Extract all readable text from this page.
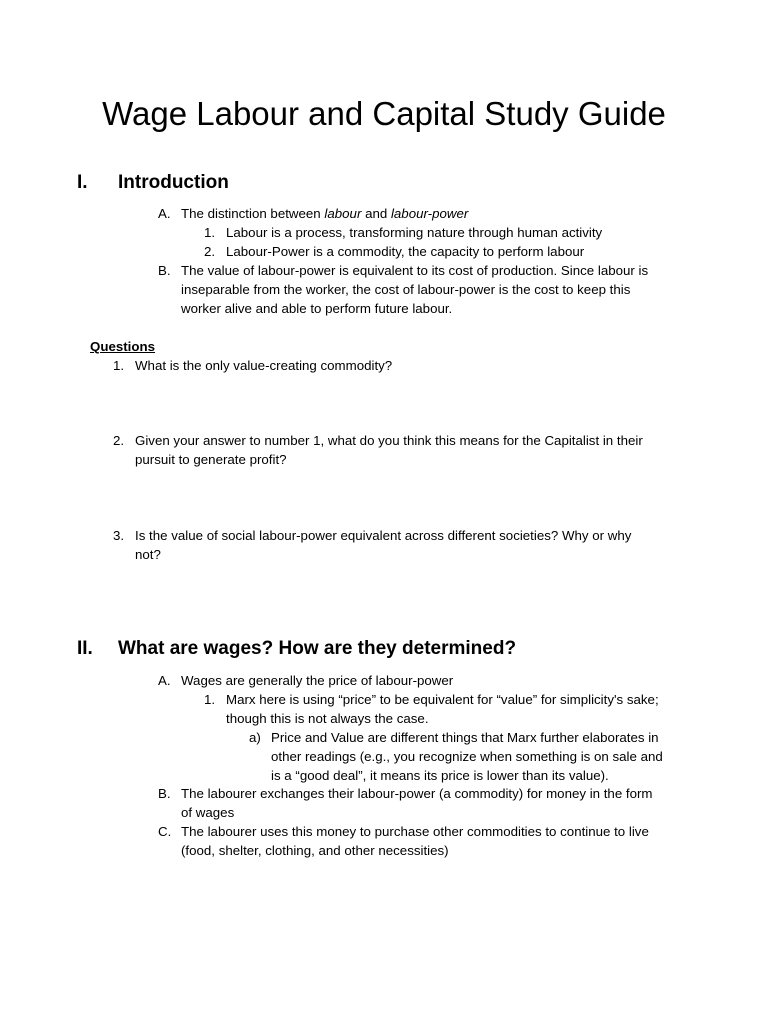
Wage Labour and Capital Study Guide
I. Introduction
A. The distinction between labour and labour-power
1. Labour is a process, transforming nature through human activity
2. Labour-Power is a commodity, the capacity to perform labour
B. The value of labour-power is equivalent to its cost of production. Since labour is
inseparable from the worker, the cost of labour-power is the cost to keep this
worker alive and able to perform future labour.
Questions
1. What is the only value-creating commodity?
2. Given your answer to number 1, what do you think this means for the Capitalist in their
pursuit to generate profit?
3. Is the value of social labour-power equivalent across different societies? Why or why
not?
II. What are wages? How are they determined?
A. Wages are generally the price of labour-power
1. Marx here is using “price” to be equivalent for “value” for simplicity's sake;
though this is not always the case.
a) Price and Value are different things that Marx further elaborates in
other readings (e.g., you recognize when something is on sale and
is a “good deal”, it means its price is lower than its value).
B. The labourer exchanges their labour-power (a commodity) for money in the form
of wages
C. The labourer uses this money to purchase other commodities to continue to live
(food, shelter, clothing, and other necessities)
